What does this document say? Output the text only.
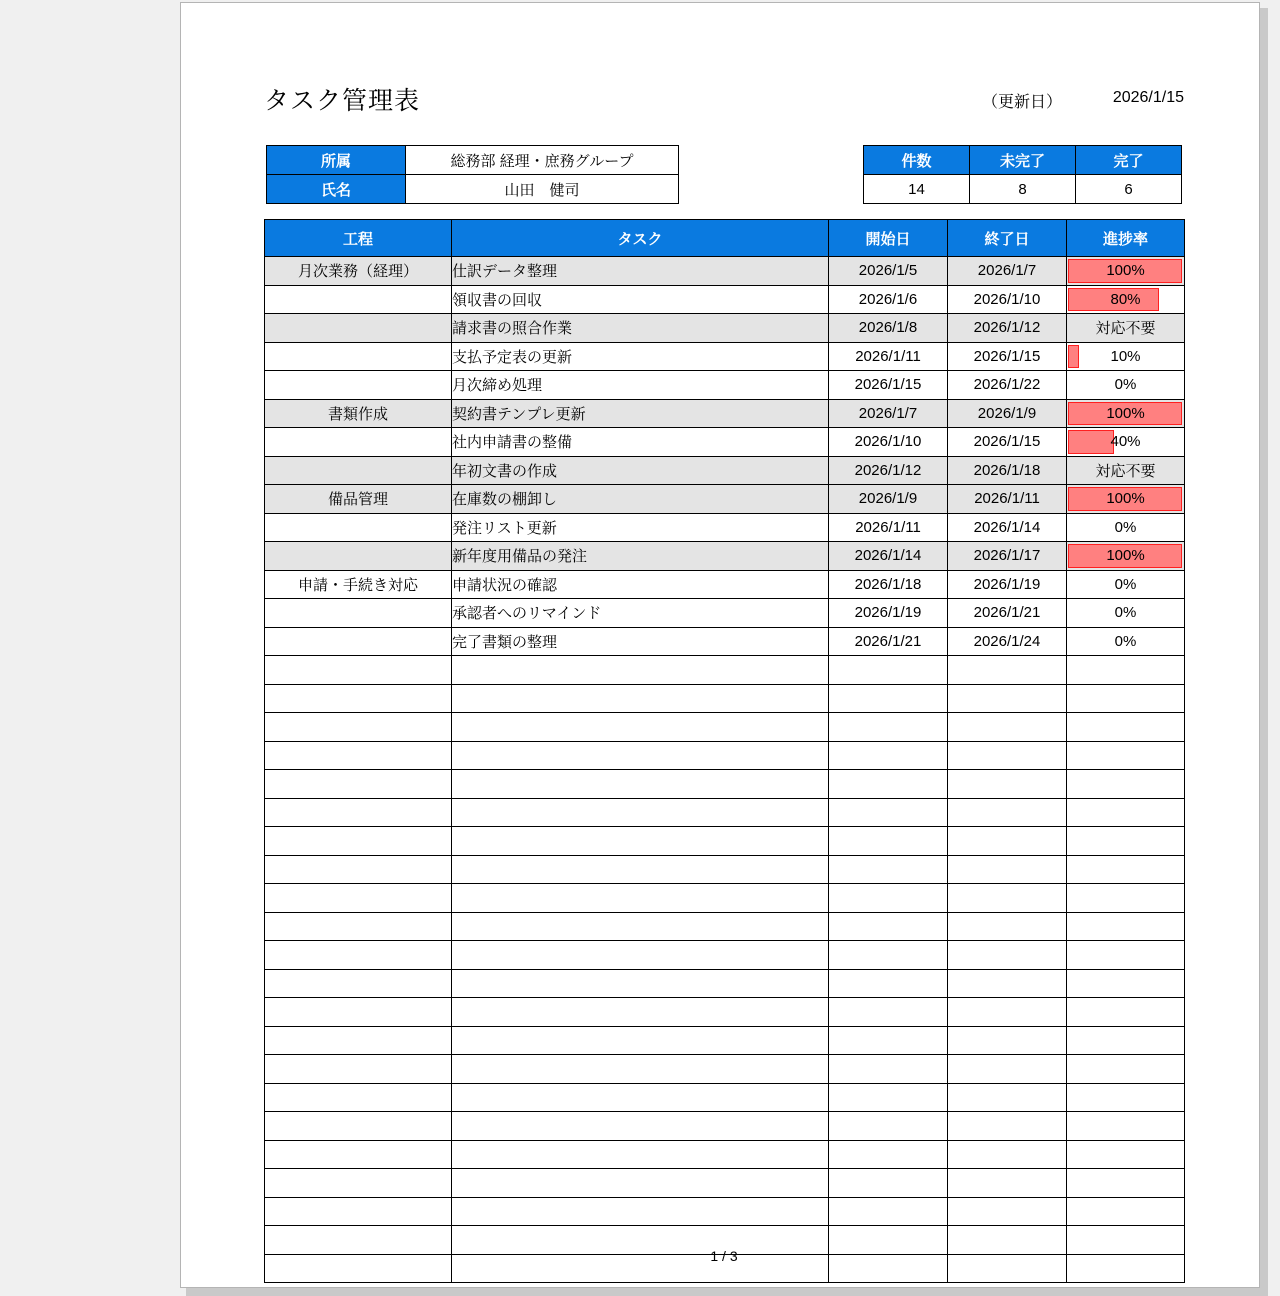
タスク管理表	（更新日）	2026/1/15
所属	総務部 経理・庶務グループ
氏名	山田　健司
件数	未完了	完了
14	8	6
工程	タスク	開始日	終了日	進捗率
月次業務（経理）	仕訳データ整理	2026/1/5	2026/1/7	100%
	領収書の回収	2026/1/6	2026/1/10	80%
	請求書の照合作業	2026/1/8	2026/1/12	対応不要
	支払予定表の更新	2026/1/11	2026/1/15	10%
	月次締め処理	2026/1/15	2026/1/22	0%
書類作成	契約書テンプレ更新	2026/1/7	2026/1/9	100%
	社内申請書の整備	2026/1/10	2026/1/15	40%
	年初文書の作成	2026/1/12	2026/1/18	対応不要
備品管理	在庫数の棚卸し	2026/1/9	2026/1/11	100%
	発注リスト更新	2026/1/11	2026/1/14	0%
	新年度用備品の発注	2026/1/14	2026/1/17	100%
申請・手続き対応	申請状況の確認	2026/1/18	2026/1/19	0%
	承認者へのリマインド	2026/1/19	2026/1/21	0%
	完了書類の整理	2026/1/21	2026/1/24	0%

1 / 3
